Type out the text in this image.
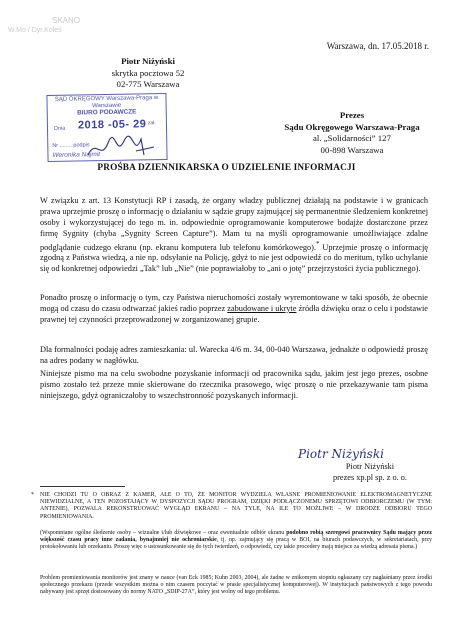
SKANO
W.Mo / Dyr.Koleś
Warszawa, dn. 17.05.2018 r.
Piotr Niżyński
skrytka pocztowa 52
02-775 Warszawa
SĄD OKRĘGOWY Warszawa-Praga w Warszawie
BIURO PODAWCZE
Dnia 2018 -05- 29 zał.
Nr ........ podpis
Weronika Najmit
Prezes
Sądu Okręgowego Warszawa-Praga
al. „Solidarności” 127
00-898 Warszawa
PROŚBA DZIENNIKARSKA O UDZIELENIE INFORMACJI

W związku z art. 13 Konstytucji RP i zasadą, że organy władzy publicznej działają na podstawie i w granicach prawa uprzejmie proszę o informację o działaniu w sądzie grupy zajmującej się permanentnie śledzeniem konkretnej osoby i wykorzystującej do tego m. in. odpowiednie oprogramowanie komputerowe bodajże dostarczone przez firmę Sygnity (chyba „Sygnity Screen Capture”). Mam tu na myśli oprogramowanie umożliwiające zdalne podglądanie cudzego ekranu (np. ekranu komputera lub telefonu komórkowego).* Uprzejmie proszę o informację zgodną z Państwa wiedzą, a nie np. odsyłanie na Policję, gdyż to nie jest odpowiedź co do meritum, tylko uchylanie się od konkretnej odpowiedzi „Tak” lub „Nie” (nie poprawiałoby to „ani o jotę” przejrzystości życia publicznego).

Ponadto proszę o informację o tym, czy Państwa nieruchomości zostały wyremontowane w taki sposób, że obecnie mogą od czasu do czasu odtwarzać jakieś radio poprzez zabudowane i ukryte źródła dźwięku oraz o celu i podstawie prawnej tej czynności przeprowadzonej w zorganizowanej grupie.

Dla formalności podaję adres zamieszkania: ul. Warecka 4/6 m. 34, 00-040 Warszawa, jednakże o odpowiedź proszę na adres podany w nagłówku.

Niniejsze pismo ma na celu swobodne pozyskanie informacji od pracownika sądu, jakim jest jego prezes, osobne pismo zostało też przeze mnie skierowane do rzecznika prasowego, więc proszę o nie przekazywanie tam pisma niniejszego, gdyż ograniczałoby to wszechstronność pozyskanych informacji.

Piotr Niżyński
Piotr Niżyński
prezes xp.pl sp. z o. o.
* NIE CHODZI TU O OBRAZ Z KAMER, ALE O TO, ŻE MONITOR WYDZIELA WŁASNE PROMIENIOWANIE ELEKTROMAGNETYCZNE NIEWIDZIALNE, A TEN POZOSTAJĄCY W DYSPOZYCJI SĄDU PROGRAM, DZIĘKI PODŁĄCZONEMU SPRZĘTOWI ODBIORCZEMU (W TYM: ANTENIE), POZWALA REKONSTRUOWAĆ WYGLĄD EKRANU – NA TYLE, NA ILE TO MOŻLIWE – W DRODZE ODBIORU TEGO PROMIENIOWANIA.

(Wspomniane ogólne śledzenie osoby – wizualne i/lub dźwiękowe – oraz ewentualnie odbiór ekranu podobno robią szeregowi pracownicy Sądu mający przez większość czasu pracy inne zadania, bynajmniej nie ochroniarskie, tj. np. zajmujący się pracą w BOI, na biurach podawczych, w sekretariatach, przy protokołowaniu lub orzekaniu. Proszę więc o ustosunkowanie się do tych twierdzeń, o odpowiedź, czy takie procedery mają miejsce za wiedzą adresata pisma.)

Problem promieniowania monitorów jest znany w nauce (van Eck 1985; Kuhn 2003, 2004), ale żadne w znikomym stopniu ogłaszany czy nagłaśniany przez środki społecznego przekazu (przede wszystkim można o nim czasem poczytać w prasie specjalistycznej komputerowej). W instytucjach państwowych z tego powodu nabywany jest sprzęt dostosowany do normy NATO „SDIP-27A”, który jest wolny od tego problemu.
